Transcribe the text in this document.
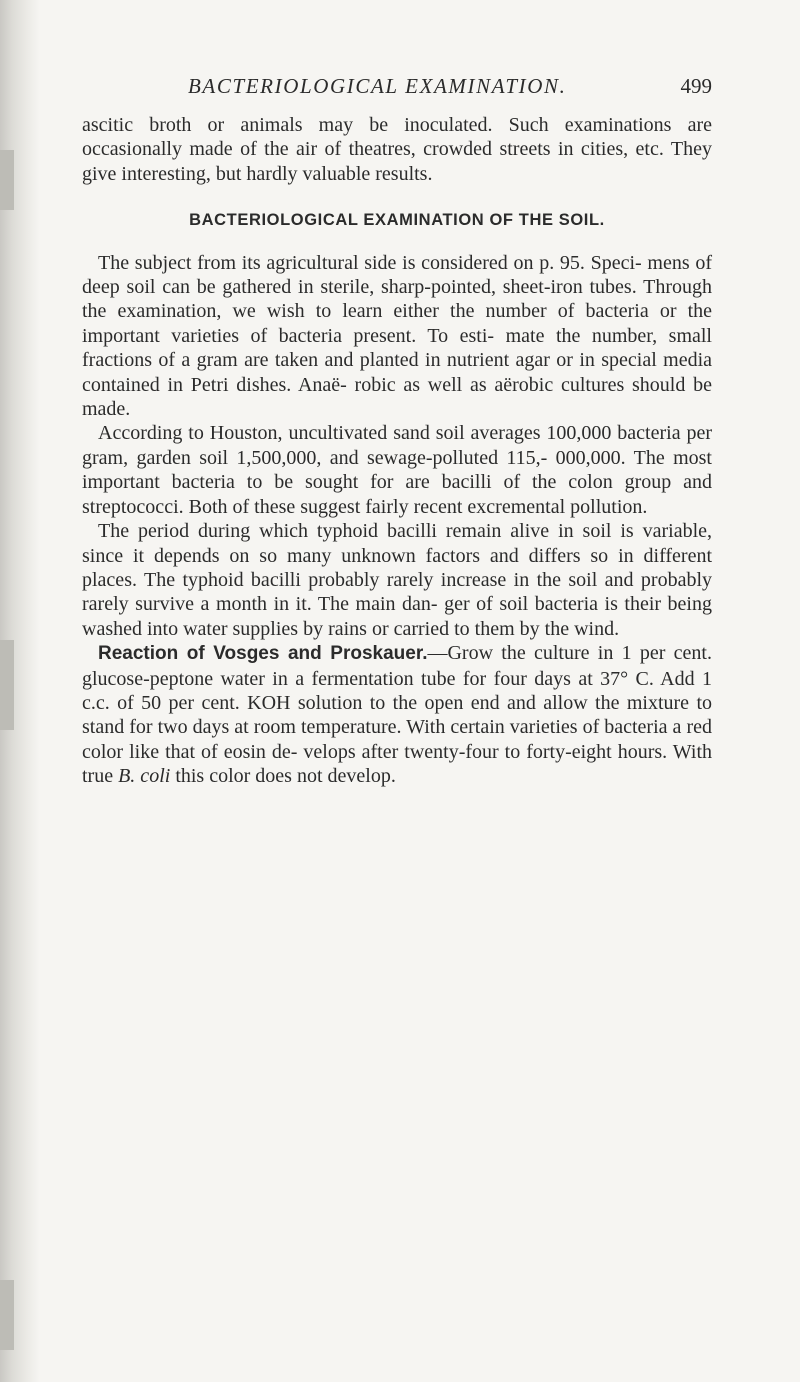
BACTERIOLOGICAL EXAMINATION.	499

ascitic broth or animals may be inoculated. Such examinations are occasionally made of the air of theatres, crowded streets in cities, etc. They give interesting, but hardly valuable results.

BACTERIOLOGICAL EXAMINATION OF THE SOIL.

The subject from its agricultural side is considered on p. 95. Speci- mens of deep soil can be gathered in sterile, sharp-pointed, sheet-iron tubes. Through the examination, we wish to learn either the number of bacteria or the important varieties of bacteria present. To esti- mate the number, small fractions of a gram are taken and planted in nutrient agar or in special media contained in Petri dishes. Anaë- robic as well as aërobic cultures should be made.

According to Houston, uncultivated sand soil averages 100,000 bacteria per gram, garden soil 1,500,000, and sewage-polluted 115,- 000,000. The most important bacteria to be sought for are bacilli of the colon group and streptococci. Both of these suggest fairly recent excremental pollution.

The period during which typhoid bacilli remain alive in soil is variable, since it depends on so many unknown factors and differs so in different places. The typhoid bacilli probably rarely increase in the soil and probably rarely survive a month in it. The main dan- ger of soil bacteria is their being washed into water supplies by rains or carried to them by the wind.

Reaction of Vosges and Proskauer.—Grow the culture in 1 per cent. glucose-peptone water in a fermentation tube for four days at 37° C. Add 1 c.c. of 50 per cent. KOH solution to the open end and allow the mixture to stand for two days at room temperature. With certain varieties of bacteria a red color like that of eosin de- velops after twenty-four to forty-eight hours. With true B. coli this color does not develop.
